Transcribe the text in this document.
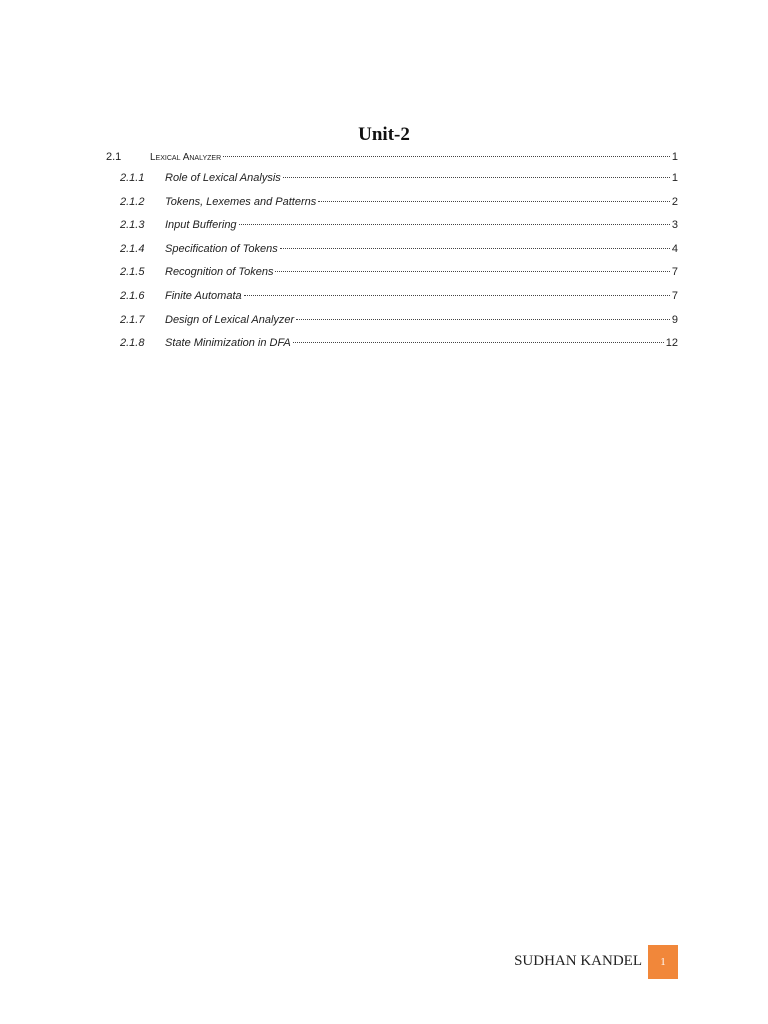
Unit-2
2.1	Lexical Analyzer	1
2.1.1	Role of Lexical Analysis	1
2.1.2	Tokens, Lexemes and Patterns	2
2.1.3	Input Buffering	3
2.1.4	Specification of Tokens	4
2.1.5	Recognition of Tokens	7
2.1.6	Finite Automata	7
2.1.7	Design of Lexical Analyzer	9
2.1.8	State Minimization in DFA	12
SUDHAN KANDEL	1
